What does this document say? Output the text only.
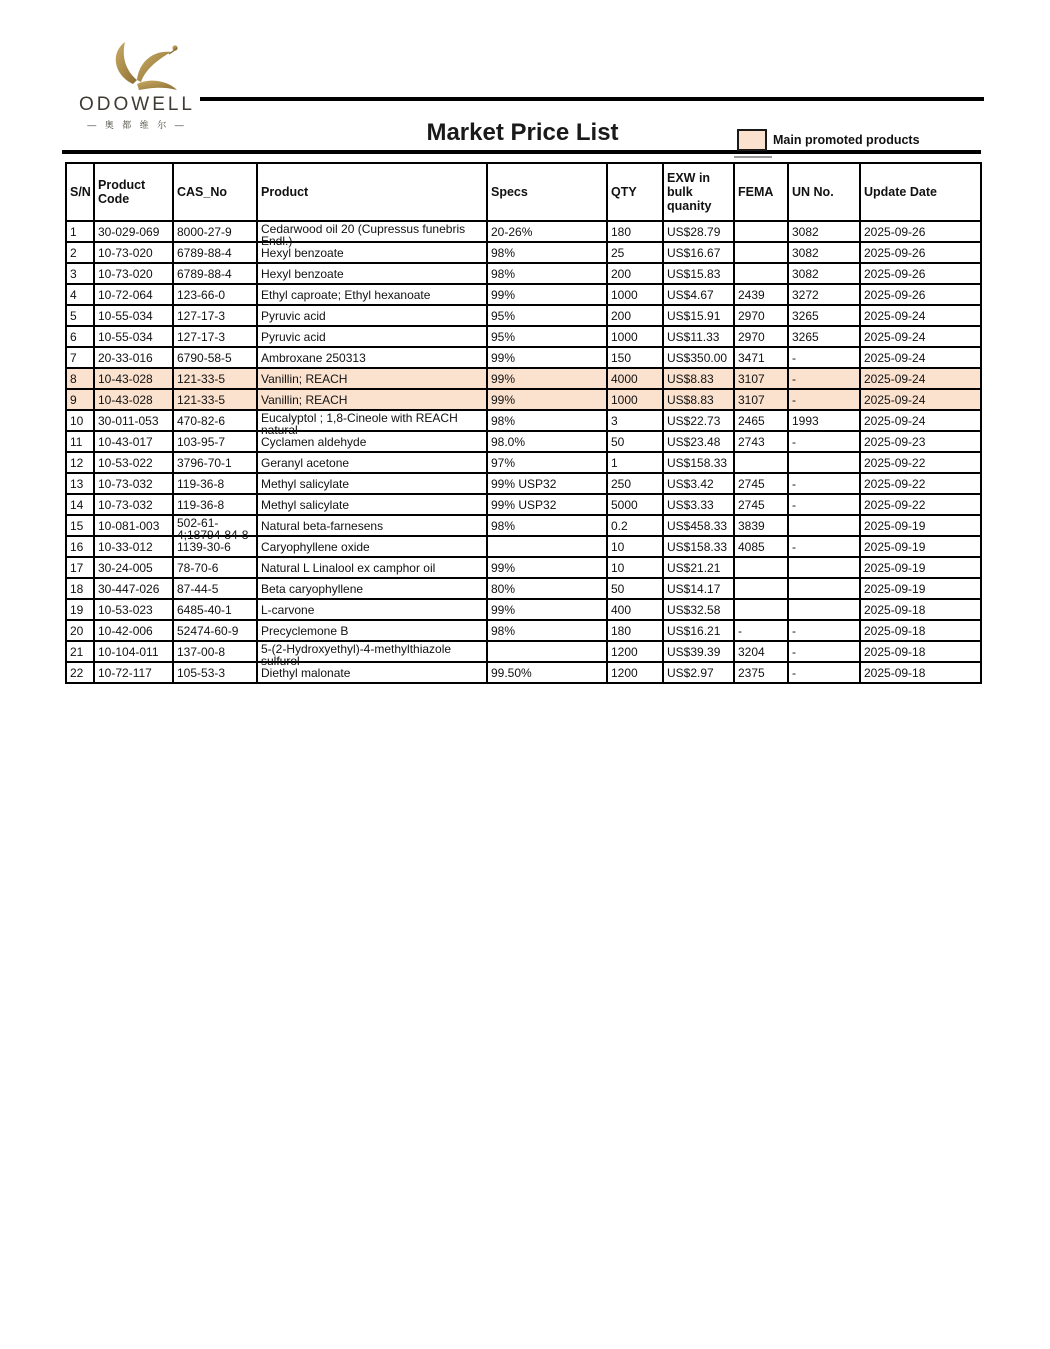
ODOWELL
— 奥 都 维 尔 —	Market Price List	Main promoted products
S/N	Product Code	CAS_No	Product	Specs	QTY	EXW in bulk quanity	FEMA	UN No.	Update Date
1	30-029-069	8000-27-9	Cedarwood oil 20 (Cupressus funebris
Endl.)	20-26%	180	US$28.79		3082	2025-09-26
2	10-73-020	6789-88-4	Hexyl benzoate	98%	25	US$16.67		3082	2025-09-26
3	10-73-020	6789-88-4	Hexyl benzoate	98%	200	US$15.83		3082	2025-09-26
4	10-72-064	123-66-0	Ethyl caproate; Ethyl hexanoate	99%	1000	US$4.67	2439	3272	2025-09-26
5	10-55-034	127-17-3	Pyruvic acid	95%	200	US$15.91	2970	3265	2025-09-24
6	10-55-034	127-17-3	Pyruvic acid	95%	1000	US$11.33	2970	3265	2025-09-24
7	20-33-016	6790-58-5	Ambroxane 250313	99%	150	US$350.00	3471	-	2025-09-24
8	10-43-028	121-33-5	Vanillin; REACH	99%	4000	US$8.83	3107	-	2025-09-24
9	10-43-028	121-33-5	Vanillin; REACH	99%	1000	US$8.83	3107	-	2025-09-24
10	30-011-053	470-82-6	Eucalyptol ; 1,8-Cineole with REACH
natural	98%	3	US$22.73	2465	1993	2025-09-24
11	10-43-017	103-95-7	Cyclamen aldehyde	98.0%	50	US$23.48	2743	-	2025-09-23
12	10-53-022	3796-70-1	Geranyl acetone	97%	1	US$158.33			2025-09-22
13	10-73-032	119-36-8	Methyl salicylate	99% USP32	250	US$3.42	2745	-	2025-09-22
14	10-73-032	119-36-8	Methyl salicylate	99% USP32	5000	US$3.33	2745	-	2025-09-22
15	10-081-003	502-61-
4;18794-84-8	Natural beta-farnesens	98%	0.2	US$458.33	3839		2025-09-19
16	10-33-012	1139-30-6	Caryophyllene oxide		10	US$158.33	4085	-	2025-09-19
17	30-24-005	78-70-6	Natural L Linalool ex camphor oil	99%	10	US$21.21			2025-09-19
18	30-447-026	87-44-5	Beta caryophyllene	80%	50	US$14.17			2025-09-19
19	10-53-023	6485-40-1	L-carvone	99%	400	US$32.58			2025-09-18
20	10-42-006	52474-60-9	Precyclemone B	98%	180	US$16.21	-	-	2025-09-18
21	10-104-011	137-00-8	5-(2-Hydroxyethyl)-4-methylthiazole
sulfurol		1200	US$39.39	3204	-	2025-09-18
22	10-72-117	105-53-3	Diethyl malonate	99.50%	1200	US$2.97	2375	-	2025-09-18
